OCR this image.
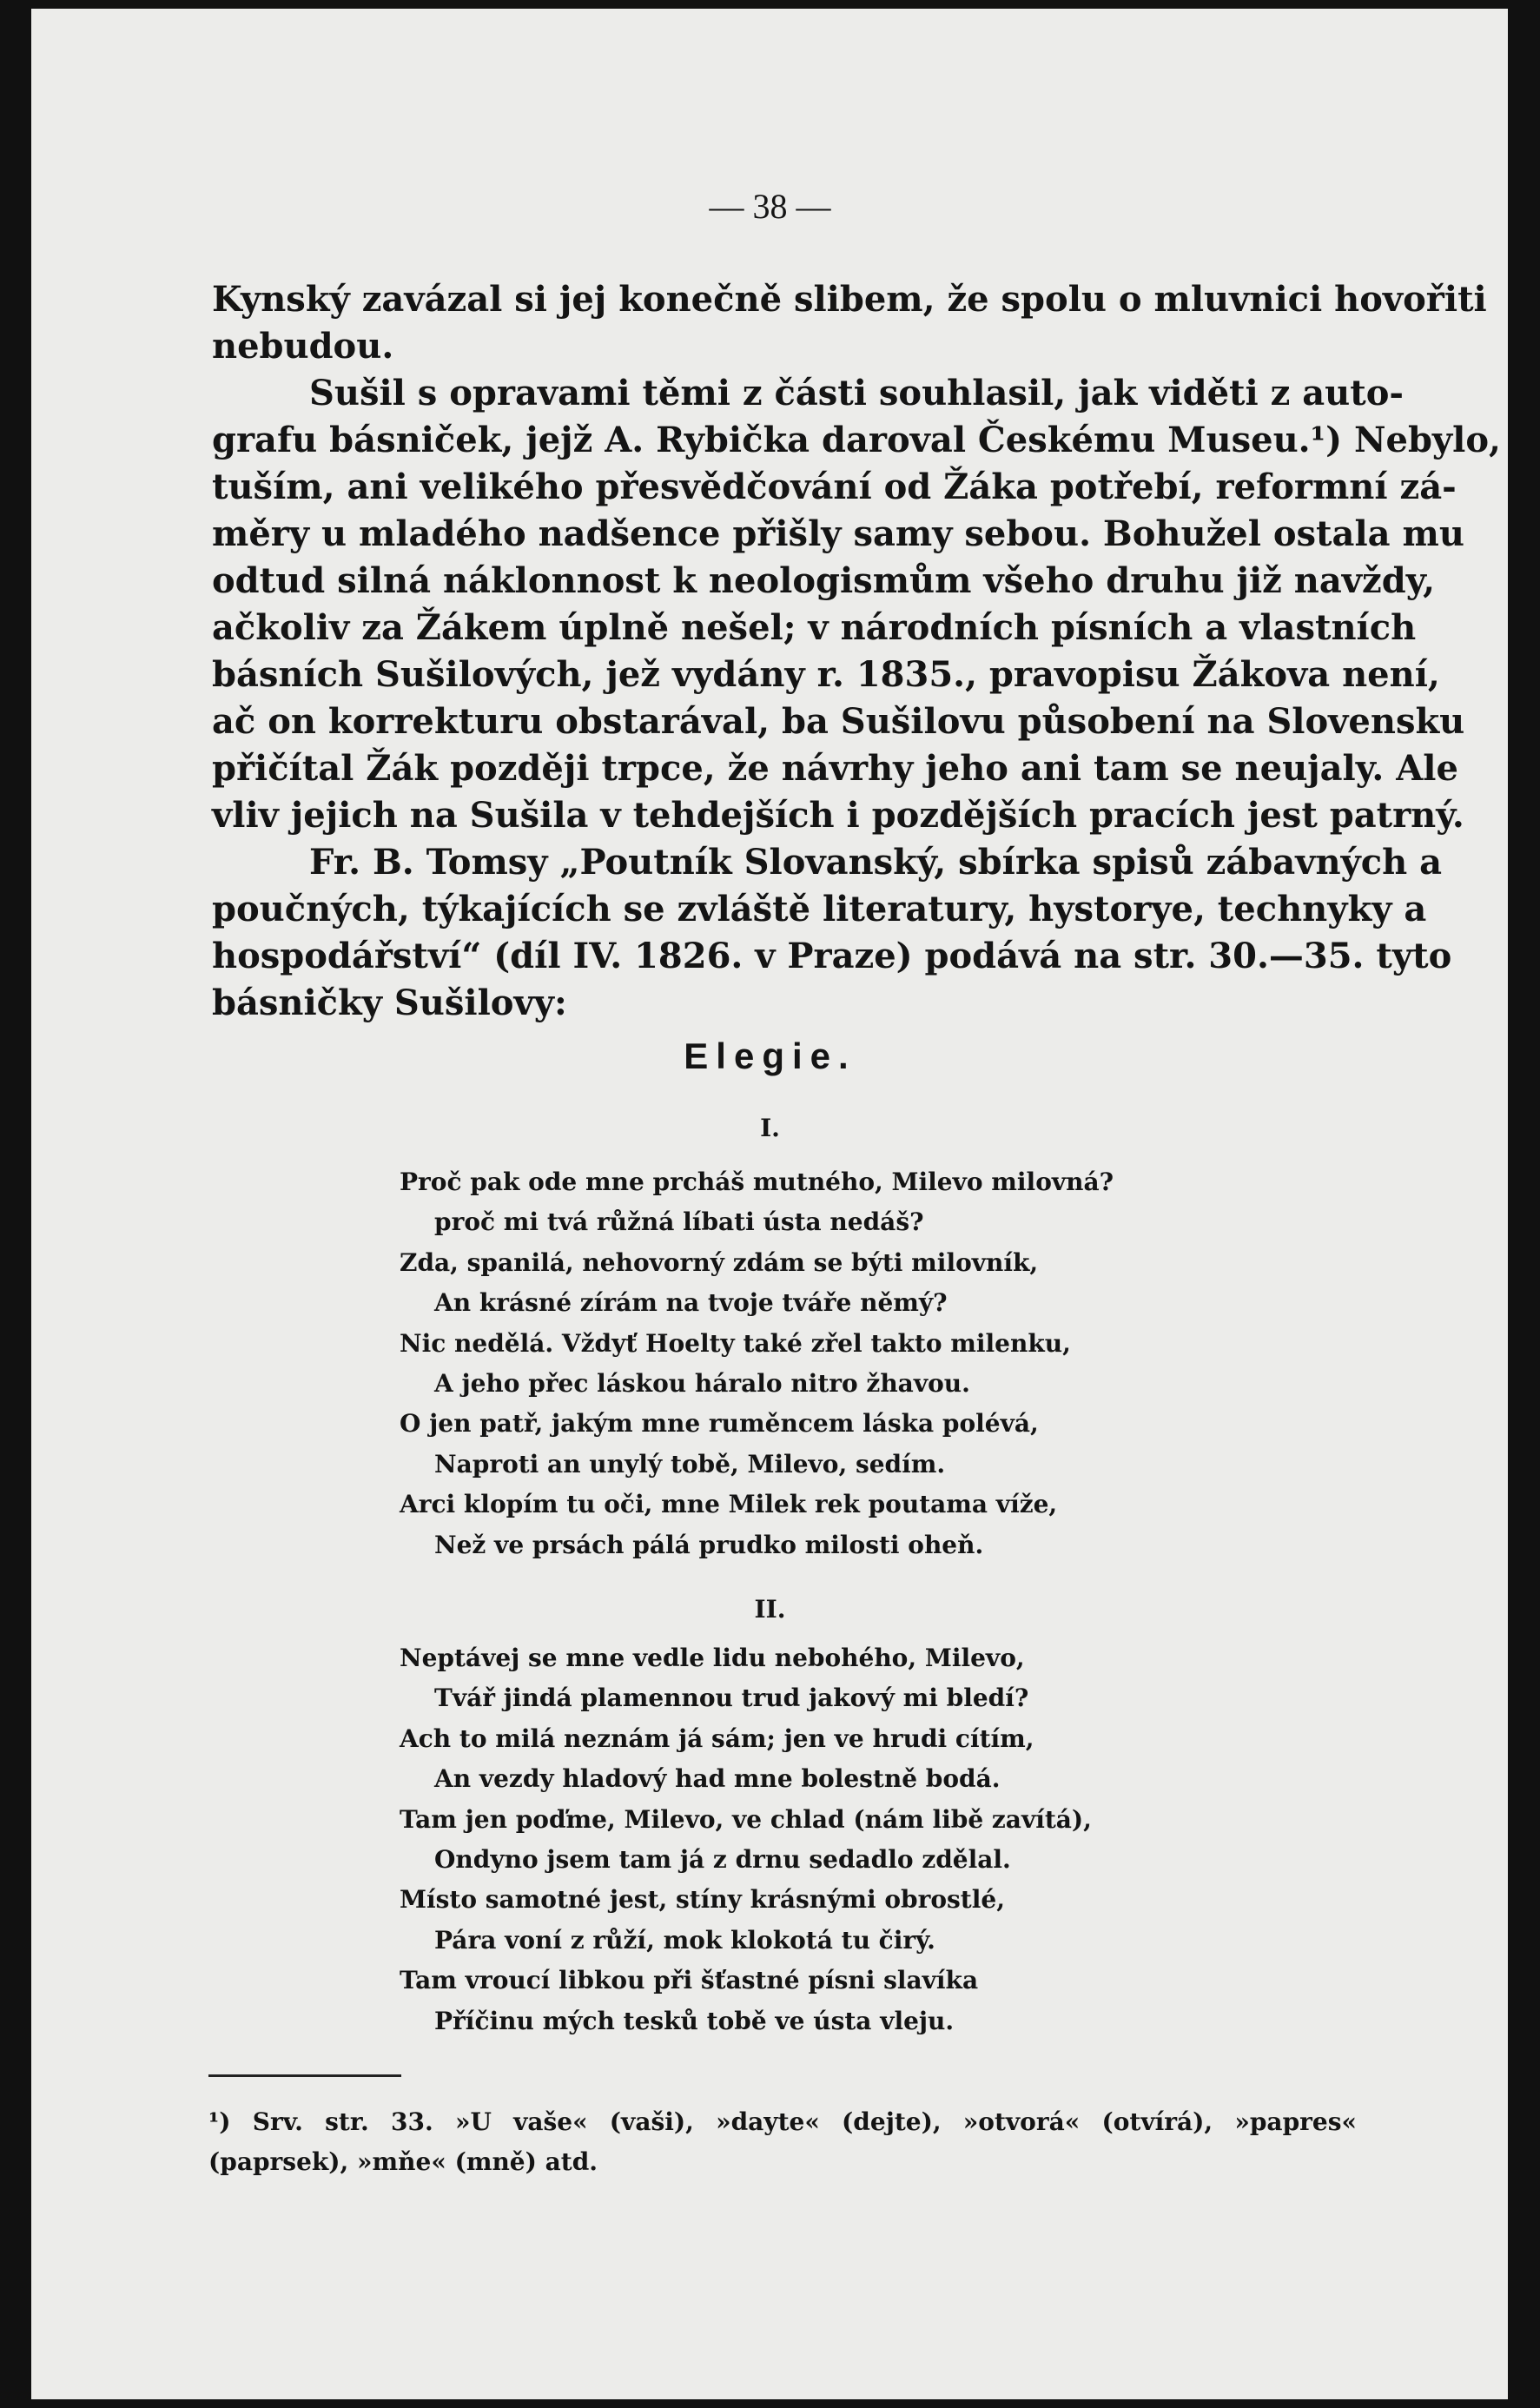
— 38 —
Kynský zavázal si jej konečně slibem, že spolu o mluvnici hovořiti
nebudou.
Sušil s opravami těmi z části souhlasil, jak viděti z auto-
grafu básniček, jejž A. Rybička daroval Českému Museu.¹) Nebylo,
tuším, ani velikého přesvědčování od Žáka potřebí, reformní zá-
měry u mladého nadšence přišly samy sebou. Bohužel ostala mu
odtud silná náklonnost k neologismům všeho druhu již navždy,
ačkoliv za Žákem úplně nešel; v národních písních a vlastních
básních Sušilových, jež vydány r. 1835., pravopisu Žákova není,
ač on korrekturu obstarával, ba Sušilovu působení na Slovensku
přičítal Žák později trpce, že návrhy jeho ani tam se neujaly. Ale
vliv jejich na Sušila v tehdejších i pozdějších pracích jest patrný.
Fr. B. Tomsy „Poutník Slovanský, sbírka spisů zábavných a
poučných, týkajících se zvláště literatury, hystorye, technyky a
hospodářství“ (díl IV. 1826. v Praze) podává na str. 30.—35. tyto
básničky Sušilovy:
Elegie.
I.
Proč pak ode mne prcháš mutného, Milevo milovná?
proč mi tvá růžná líbati ústa nedáš?
Zda, spanilá, nehovorný zdám se býti milovník,
An krásné zírám na tvoje tváře němý?
Nic nedělá. Vždyť Hoelty také zřel takto milenku,
A jeho přec láskou háralo nitro žhavou.
O jen patř, jakým mne ruměncem láska polévá,
Naproti an unylý tobě, Milevo, sedím.
Arci klopím tu oči, mne Milek rek poutama víže,
Než ve prsách pálá prudko milosti oheň.
II.
Neptávej se mne vedle lidu nebohého, Milevo,
Tvář jindá plamennou trud jakový mi bledí?
Ach to milá neznám já sám; jen ve hrudi cítím,
An vezdy hladový had mne bolestně bodá.
Tam jen poďme, Milevo, ve chlad (nám libě zavítá),
Ondyno jsem tam já z drnu sedadlo zdělal.
Místo samotné jest, stíny krásnými obrostlé,
Pára voní z růží, mok klokotá tu čirý.
Tam vroucí libkou při šťastné písni slavíka
Příčinu mých tesků tobě ve ústa vleju.
¹) Srv. str. 33. »U vaše« (vaši), »dayte« (dejte), »otvorá« (otvírá), »papres«
(paprsek), »mňe« (mně) atd.
